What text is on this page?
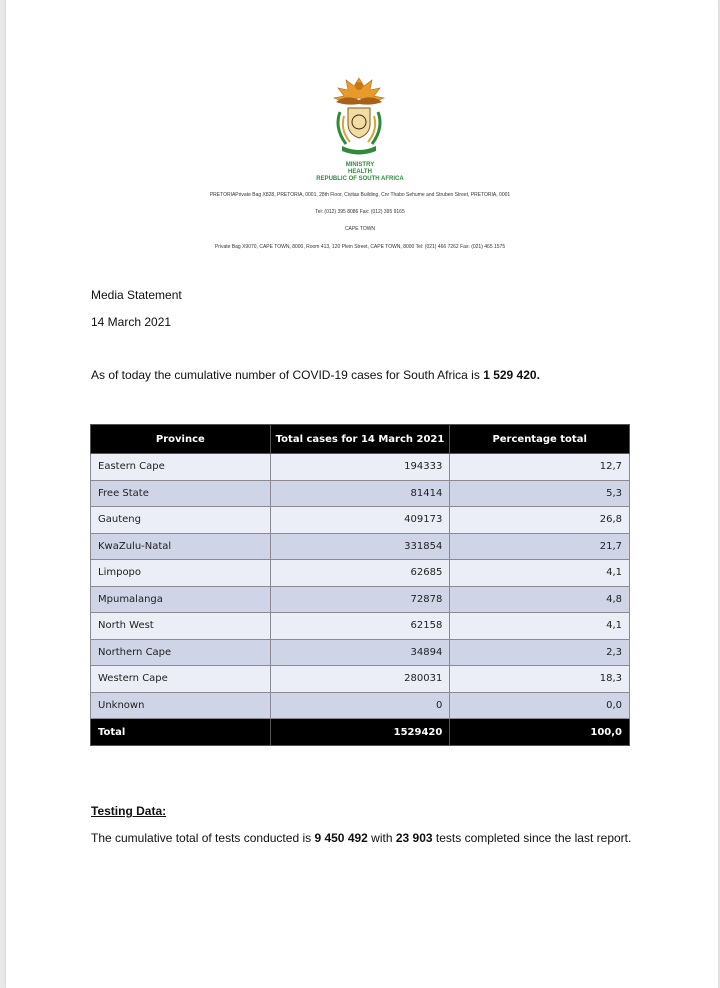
MINISTRY
HEALTH
REPUBLIC OF SOUTH AFRICA
PRETORIAPrivate Bag X828, PRETORIA, 0001, 28th Floor, Civitas Building, Cnr Thabo Sehume and Struben Street, PRETORIA, 0001
Tel: (012) 395 8086 Fax: (012) 395 9165
CAPE TOWN
Private Bag X9070, CAPE TOWN, 8000, Room 413, 120 Plein Street, CAPE TOWN, 8000 Tel: (021) 466 7262 Fax: (021) 465 1575
Media Statement
14 March 2021
As of today the cumulative number of COVID-19 cases for South Africa is 1 529 420.
Province	Total cases for 14 March 2021	Percentage total
Eastern Cape	194333	12,7
Free State	81414	5,3
Gauteng	409173	26,8
KwaZulu-Natal	331854	21,7
Limpopo	62685	4,1
Mpumalanga	72878	4,8
North West	62158	4,1
Northern Cape	34894	2,3
Western Cape	280031	18,3
Unknown	0	0,0
Total	1529420	100,0
Testing Data:
The cumulative total of tests conducted is 9 450 492 with 23 903 tests completed since the last report.
